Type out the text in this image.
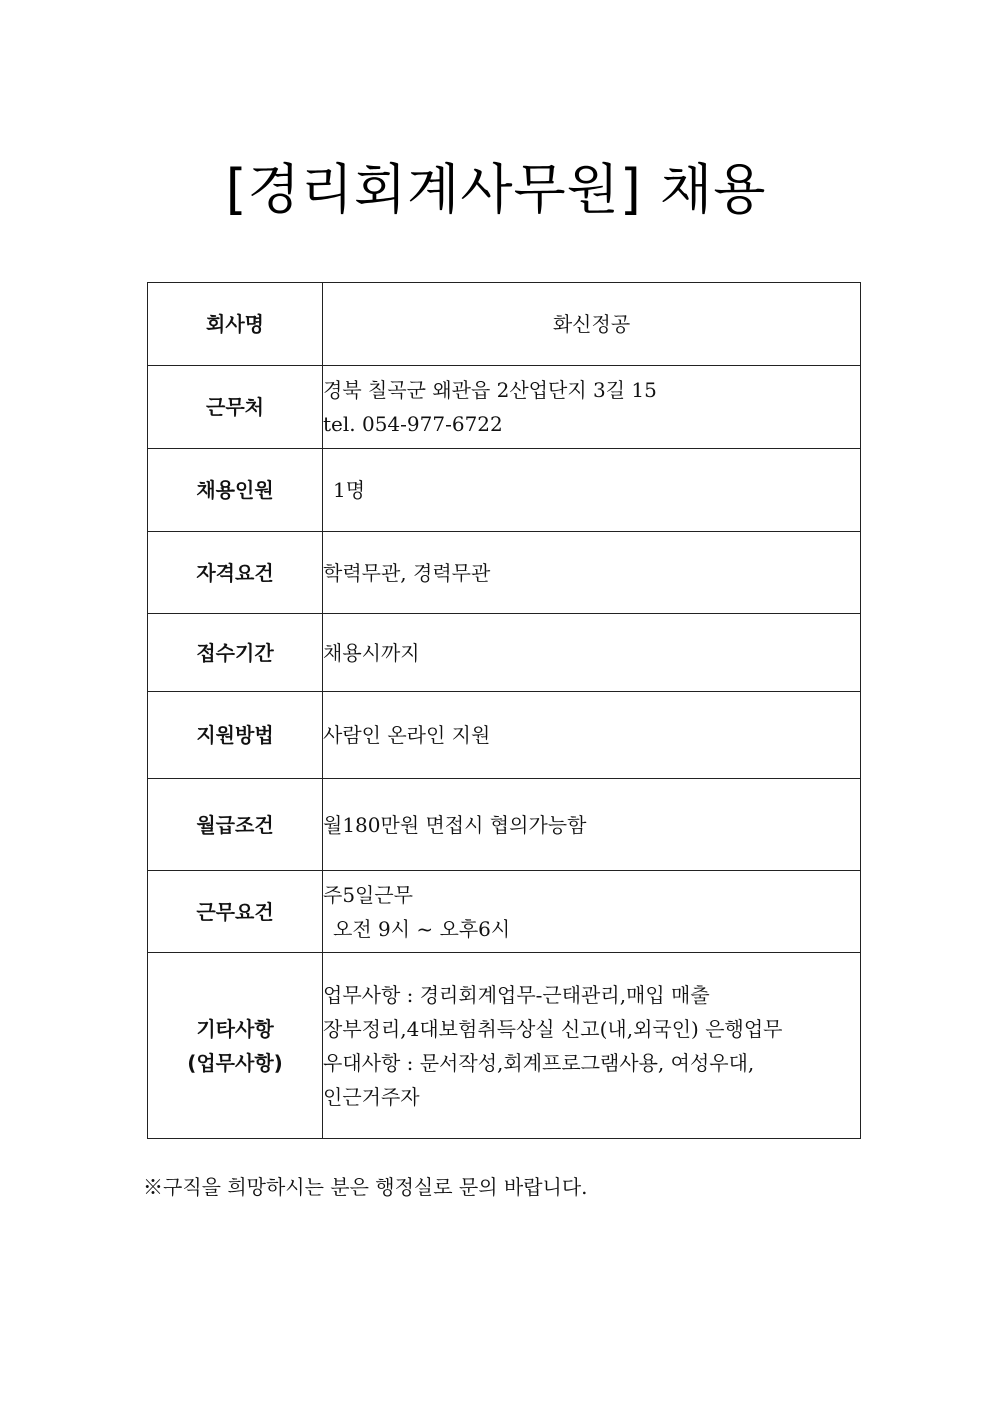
[경리회계사무원] 채용
회사명	화신정공

근무처	경북 칠곡군 왜관읍 2산업단지 3길 15
tel. 054-977-6722

채용인원	1명

자격요건	학력무관, 경력무관

접수기간	채용시까지

지원방법	사람인 온라인 지원

월급조건	월180만원 면접시 협의가능함

근무요건	주5일근무
오전 9시 ~ 오후6시

기타사항
(업무사항)	업무사항 : 경리회계업무-근태관리,매입 매출
장부정리,4대보험취득상실 신고(내,외국인) 은행업무
우대사항 : 문서작성,회계프로그램사용, 여성우대,
인근거주자
※구직을 희망하시는 분은 행정실로 문의 바랍니다.
